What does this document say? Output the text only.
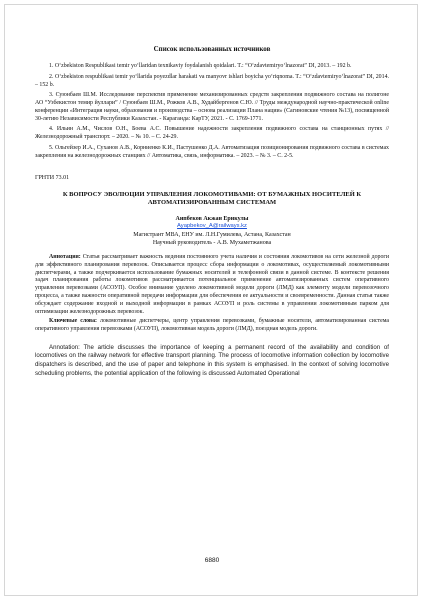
Список использованных источников

1. O‘zbekiston Respublikasi temir yo‘llaridan texnikaviy foydalanish qoidalari. T.: “O‘zdavtemiryo‘lnazorat” DI, 2013. – 192 b.

2. O‘zbekiston respublikasi temir yo‘llarida poyezdlar harakati va manyovr ishlari boyicha yo‘riqnoma. T.: “O‘zdavtemiryo‘lnazorat” DI, 2014. – 152 b.

3. Суюнбаев Ш.М. Исследование перспектив применение механизированных средств закрепления подвижного состава на полигоне АО “Узбекистон темир йуллари” / Суюнбаев Ш.М., Рожков А.В., Худайбергенов С.Ю. // Труды международной научно-практической online конференции «Интеграция науки, образования и производства – основа реализации Плана нации» (Сагиновские чтения №13), посвященной 30-летию Независимости Республики Казахстан. - Караганда: КарТУ, 2021. - С. 1769-1771.

4. Ильин А.М., Числов О.Н., Боева А.С. Повышение надежности закрепления подвижного состава на станционных путях // Железнодорожный транспорт. – 2020. – № 10. – С. 24-29.

5. Ольгейзер И.А., Суханов А.В., Корниенко К.И., Пастушенко Д.А. Автоматизация позиционирования подвижного состава в системах закрепления на железнодорожных станциях // Автоматика, связь, информатика. – 2023. – № 3. – С. 2-5.

ГРНТИ 73.01

К ВОПРОСУ ЭВОЛЮЦИИ УПРАВЛЕНИЯ ЛОКОМОТИВАМИ: ОТ БУМАЖНЫХ НОСИТЕЛЕЙ К АВТОМАТИЗИРОВАННЫМ СИСТЕМАМ

Аипбеков Акжан Ерикулы

Ayapbekov_A@railways.kz

Магистрант МВА, ЕНУ им. Л.Н.Гумилева, Астана, Казахстан

Научный руководитель - А.В. Мухаметжанова

Аннотация: Статья рассматривает важность ведения постоянного учета наличия и состояния локомотивов на сети железной дороги для эффективного планирования перевозок. Описывается процесс сбора информации о локомотивах, осуществляемый локомотивными диспетчерами, а также подчеркивается использование бумажных носителей и телефонной связи в данной системе. В контексте решения задач планирования работы локомотивов рассматривается потенциальное применение автоматизированных систем оперативного управления перевозками (АСОУП). Особое внимание уделено локомотивной модели дороги (ЛМД) как элементу модели перевозочного процесса, а также важности оперативной передачи информации для обеспечения ее актуальности и своевременности. Данная статья также обсуждает содержание входной и выходной информации в рамках АСОУП и роль системы в управлении локомотивным парком для оптимизации железнодорожных перевозок.

Ключевые слова: локомотивные диспетчеры, центр управления перевозками, бумажные носители, автоматизированная система оперативного управления перевозками (АСОУП), локомотивная модель дороги (ЛМД), поездная модель дороги.

Annotation: The article discusses the importance of keeping a permanent record of the availability and condition of locomotives on the railway network for effective transport planning. The process of locomotive information collection by locomotive dispatchers is described, and the use of paper and telephone in this system is emphasised. In the context of solving locomotive scheduling problems, the potential application of the following is discussed Automated Operational

6880
